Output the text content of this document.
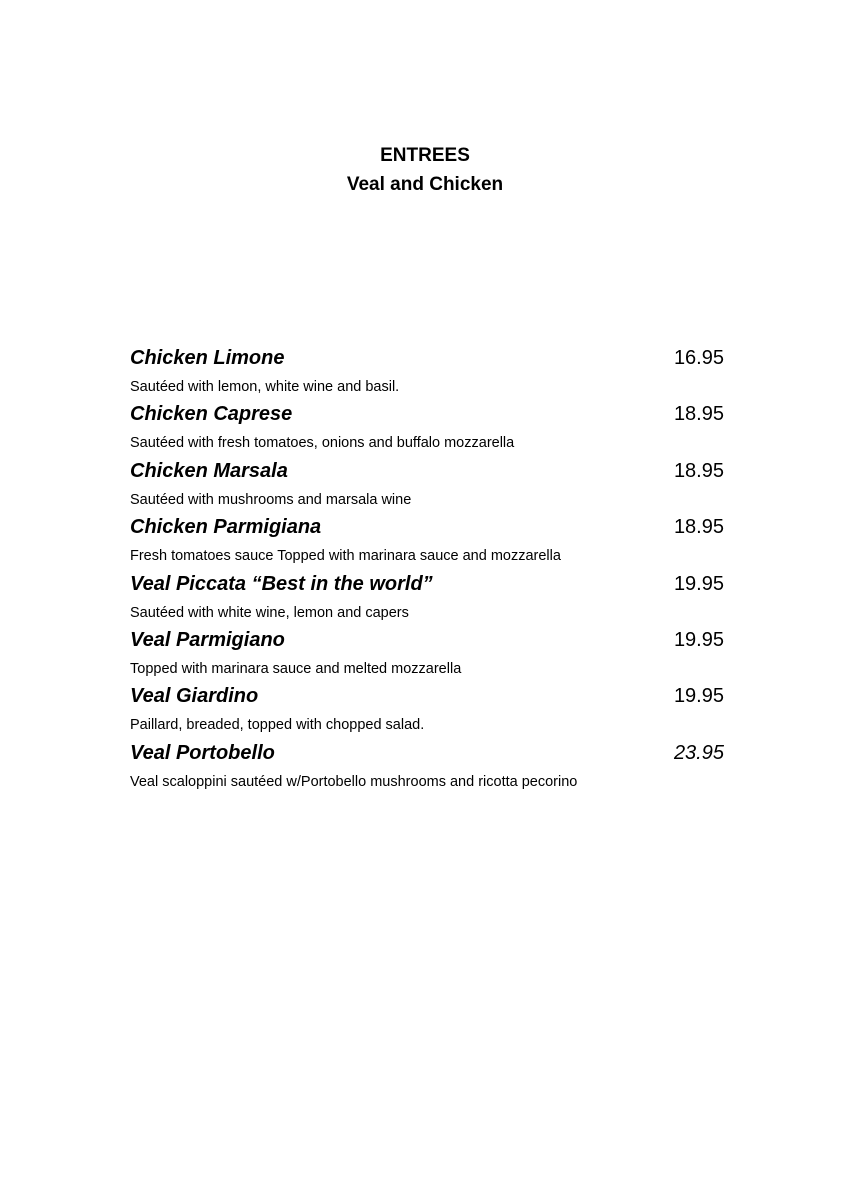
ENTREES
Veal and Chicken
Chicken Limone	16.95
Sautéed with lemon, white wine and basil.
Chicken Caprese	18.95
Sautéed with fresh tomatoes, onions and buffalo mozzarella
Chicken Marsala	18.95
Sautéed with mushrooms and marsala wine
Chicken Parmigiana	18.95
Fresh tomatoes sauce Topped with marinara sauce and mozzarella
Veal Piccata “Best in the world”	19.95
Sautéed with white wine, lemon and capers
Veal Parmigiano	19.95
Topped with marinara sauce and melted mozzarella
Veal Giardino	19.95
Paillard, breaded, topped with chopped salad.
Veal Portobello	23.95
Veal scaloppini sautéed w/Portobello mushrooms and ricotta pecorino
